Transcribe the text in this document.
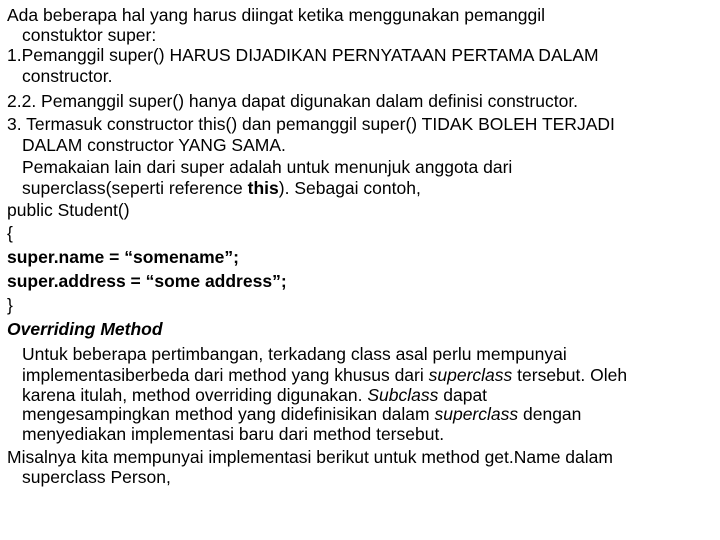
Ada beberapa hal yang harus diingat ketika menggunakan pemanggil
constuktor super:
1.Pemanggil super() HARUS DIJADIKAN PERNYATAAN PERTAMA DALAM
constructor.
2.2. Pemanggil super() hanya dapat digunakan dalam definisi constructor.
3. Termasuk constructor this() dan pemanggil super() TIDAK BOLEH TERJADI
DALAM constructor YANG SAMA.
Pemakaian lain dari super adalah untuk menunjuk anggota dari
superclass(seperti reference this). Sebagai contoh,
public Student()
{
super.name = “somename”;
super.address = “some address”;
}
Overriding Method
Untuk beberapa pertimbangan, terkadang class asal perlu mempunyai
implementasiberbeda dari method yang khusus dari superclass tersebut. Oleh
karena itulah, method overriding digunakan. Subclass dapat
mengesampingkan method yang didefinisikan dalam superclass dengan
menyediakan implementasi baru dari method tersebut.
Misalnya kita mempunyai implementasi berikut untuk method get.Name dalam
superclass Person,
